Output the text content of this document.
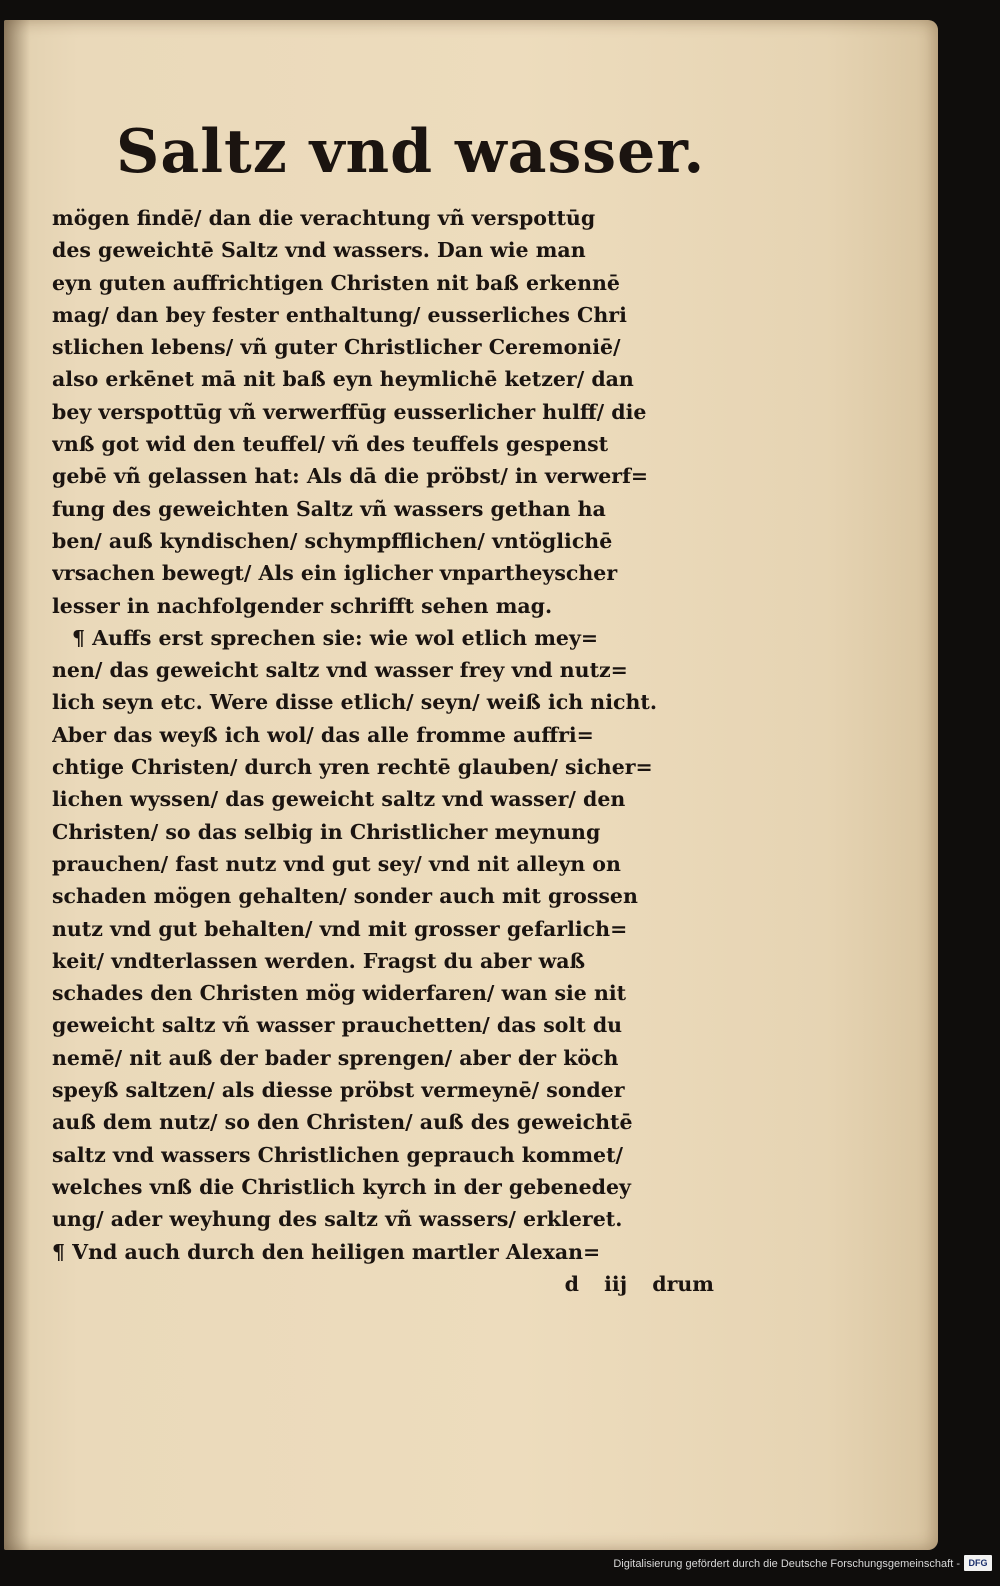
Saltz vnd wasser.
mögen findē/ dan die verachtung vñ verspottūg
des geweichtē Saltz vnd wassers. Dan wie man
eyn guten auffrichtigen Christen nit baß erkennē
mag/ dan bey fester enthaltung/ eusserliches Chri
stlichen lebens/ vñ guter Christlicher Ceremoniē/
also erkēnet mā nit baß eyn heymlichē ketzer/ dan
bey verspottūg vñ verwerffūg eusserlicher hulff/ die
vnß got wid den teuffel/ vñ des teuffels gespenst
gebē vñ gelassen hat: Als dā die pröbst/ in verwerf=
fung des geweichten Saltz vñ wassers gethan ha
ben/ auß kyndischen/ schympfflichen/ vntöglichē
vrsachen bewegt/ Als ein iglicher vnpartheyscher
lesser in nachfolgender schrifft sehen mag.
¶ Auffs erst sprechen sie: wie wol etlich mey=
nen/ das geweicht saltz vnd wasser frey vnd nutz=
lich seyn etc. Were disse etlich/ seyn/ weiß ich nicht.
Aber das weyß ich wol/ das alle fromme auffri=
chtige Christen/ durch yren rechtē glauben/ sicher=
lichen wyssen/ das geweicht saltz vnd wasser/ den
Christen/ so das selbig in Christlicher meynung
prauchen/ fast nutz vnd gut sey/ vnd nit alleyn on
schaden mögen gehalten/ sonder auch mit grossen
nutz vnd gut behalten/ vnd mit grosser gefarlich=
keit/ vndterlassen werden. Fragst du aber waß
schades den Christen mög widerfaren/ wan sie nit
geweicht saltz vñ wasser prauchetten/ das solt du
nemē/ nit auß der bader sprengen/ aber der köch
speyß saltzen/ als diesse pröbst vermeynē/ sonder
auß dem nutz/ so den Christen/ auß des geweichtē
saltz vnd wassers Christlichen geprauch kommet/
welches vnß die Christlich kyrch in der gebenedey
ung/ ader weyhung des saltz vñ wassers/ erkleret.
¶ Vnd auch durch den heiligen martler Alexan=
d iij drum
Digitalisierung gefördert durch die Deutsche Forschungsgemeinschaft - DFG
